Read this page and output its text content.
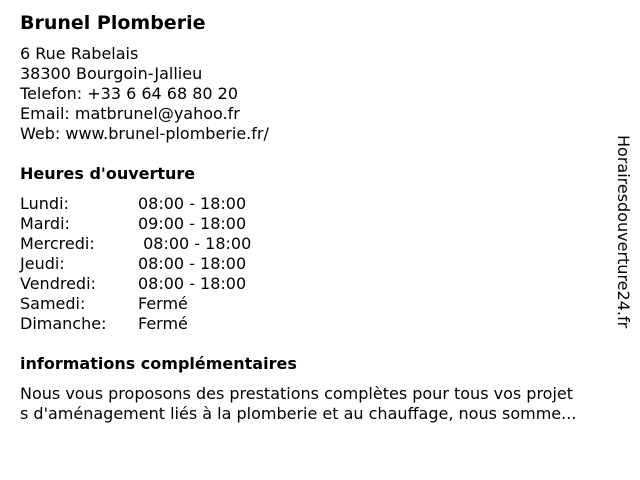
Brunel Plomberie
6 Rue Rabelais
38300 Bourgoin-Jallieu
Telefon: +33 6 64 68 80 20
Email: matbrunel@yahoo.fr
Web: www.brunel-plomberie.fr/
Heures d'ouverture
Lundi:	08:00 - 18:00
Mardi:	09:00 - 18:00
Mercredi:	08:00 - 18:00
Jeudi:	08:00 - 18:00
Vendredi:	08:00 - 18:00
Samedi:	Fermé
Dimanche:	Fermé
informations complémentaires
Nous vous proposons des prestations complètes pour tous vos projet
s d'aménagement liés à la plomberie et au chauffage, nous somme...
Horairesdouverture24.fr
